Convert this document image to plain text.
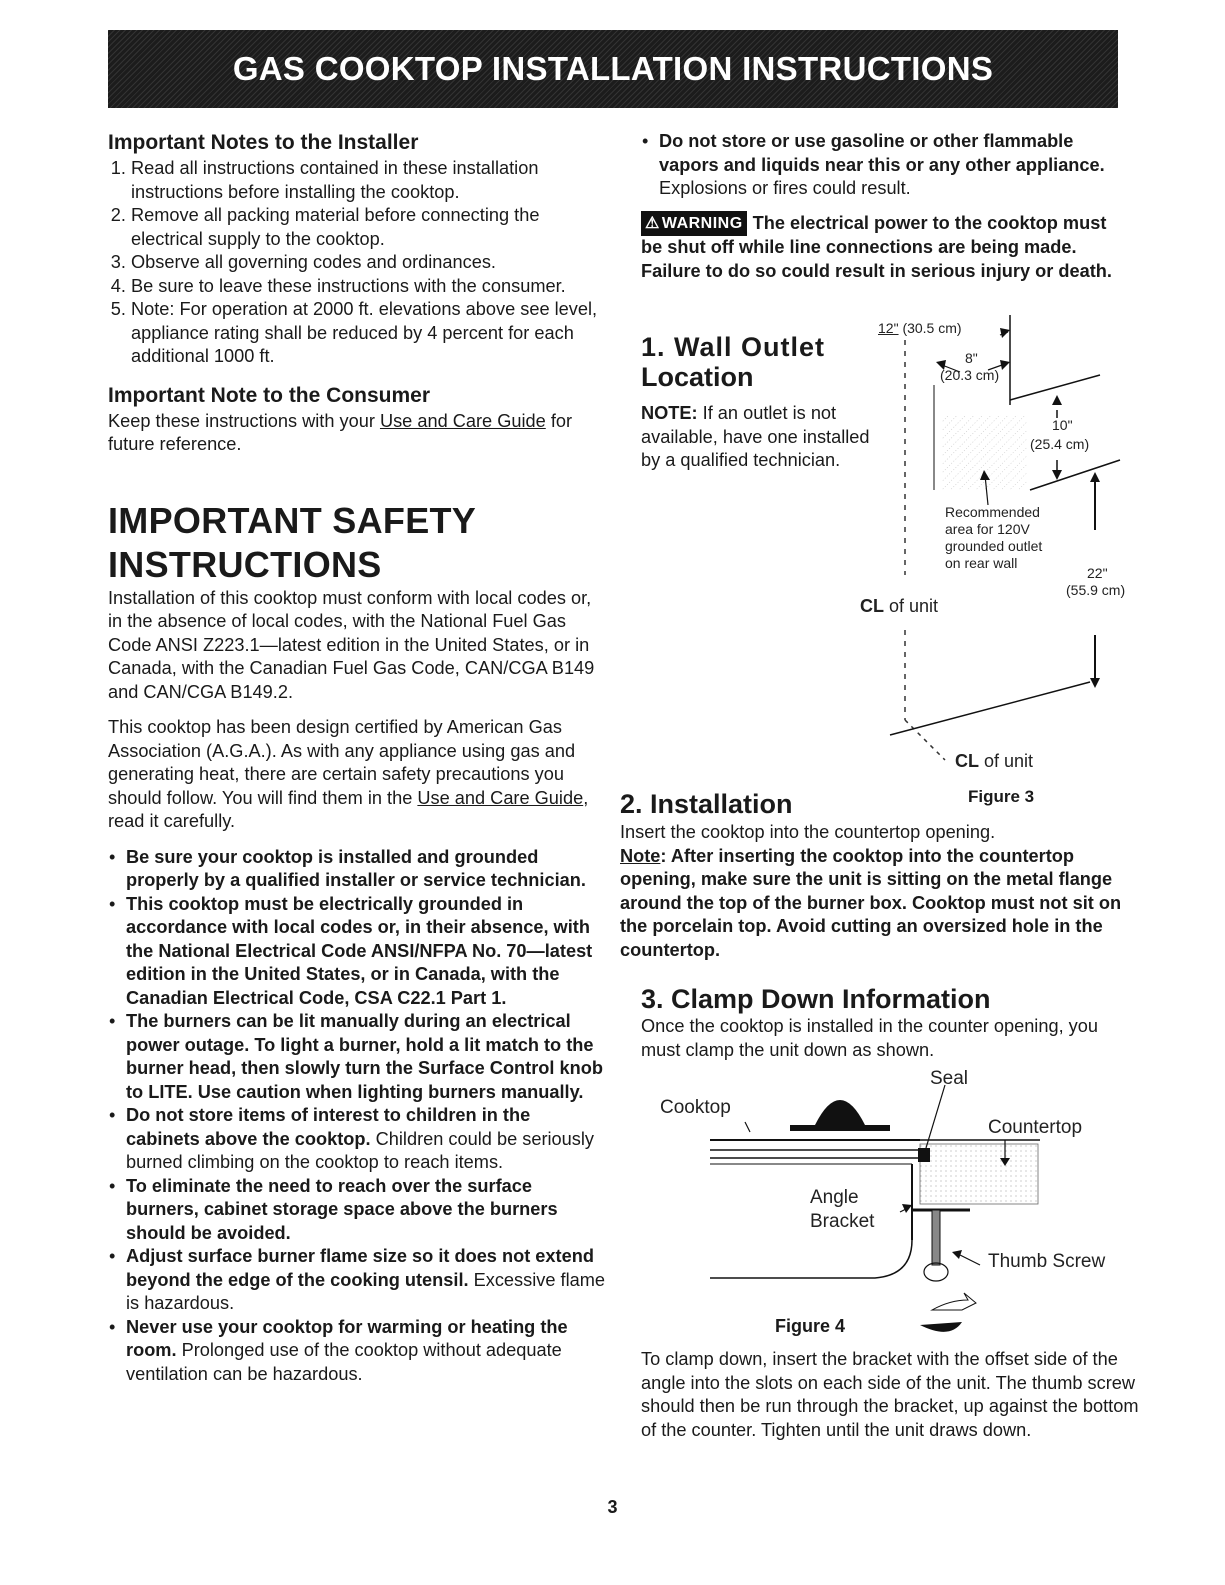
GAS COOKTOP INSTALLATION INSTRUCTIONS
Important Notes to the Installer
1. Read all instructions contained in these installation instructions before installing the cooktop.
2. Remove all packing material before connecting the electrical supply to the cooktop.
3. Observe all governing codes and ordinances.
4. Be sure to leave these instructions with the consumer.
5. Note: For operation at 2000 ft. elevations above see level, appliance rating shall be reduced by 4 percent for each additional 1000 ft.
Important Note to the Consumer

Keep these instructions with your Use and Care Guide for future reference.

IMPORTANT SAFETY
INSTRUCTIONS

Installation of this cooktop must conform with local codes or, in the absence of local codes, with the National Fuel Gas Code ANSI Z223.1—latest edition in the United States, or in Canada, with the Canadian Fuel Gas Code, CAN/CGA B149 and CAN/CGA B149.2.

This cooktop has been design certified by American Gas Association (A.G.A.). As with any appliance using gas and generating heat, there are certain safety precautions you should follow. You will find them in the Use and Care Guide, read it carefully.

• Be sure your cooktop is installed and grounded properly by a qualified installer or service technician.
• This cooktop must be electrically grounded in accordance with local codes or, in their absence, with the National Electrical Code ANSI/NFPA No. 70—latest edition in the United States, or in Canada, with the Canadian Electrical Code, CSA C22.1 Part 1.
• The burners can be lit manually during an electrical power outage. To light a burner, hold a lit match to the burner head, then slowly turn the Surface Control knob to LITE. Use caution when lighting burners manually.
• Do not store items of interest to children in the cabinets above the cooktop. Children could be seriously burned climbing on the cooktop to reach items.
• To eliminate the need to reach over the surface burners, cabinet storage space above the burners should be avoided.
• Adjust surface burner flame size so it does not extend beyond the edge of the cooking utensil. Excessive flame is hazardous.
• Never use your cooktop for warming or heating the room. Prolonged use of the cooktop without adequate ventilation can be hazardous.
• Do not store or use gasoline or other flammable vapors and liquids near this or any other appliance. Explosions or fires could result.

⚠ WARNING The electrical power to the cooktop must be shut off while line connections are being made. Failure to do so could result in serious injury or death.

1. Wall Outlet
Location

NOTE: If an outlet is not available, have one installed by a qualified technician.

12" (30.5 cm)
8"
(20.3 cm)
10"
(25.4 cm)
Recommended
area for 120V
grounded outlet
on rear wall
22"
(55.9 cm)
CL of unit
CL of unit
Figure 3
2. Installation

Insert the cooktop into the countertop opening.

Note: After inserting the cooktop into the countertop opening, make sure the unit is sitting on the metal flange around the top of the burner box. Cooktop must not sit on the porcelain top. Avoid cutting an oversized hole in the countertop.

3. Clamp Down Information

Once the cooktop is installed in the counter opening, you must clamp the unit down as shown.

Seal
Cooktop
Countertop
Angle
Bracket
Thumb Screw
Figure 4

To clamp down, insert the bracket with the offset side of the angle into the slots on each side of the unit. The thumb screw should then be run through the bracket, up against the bottom of the counter. Tighten until the unit draws down.

3
